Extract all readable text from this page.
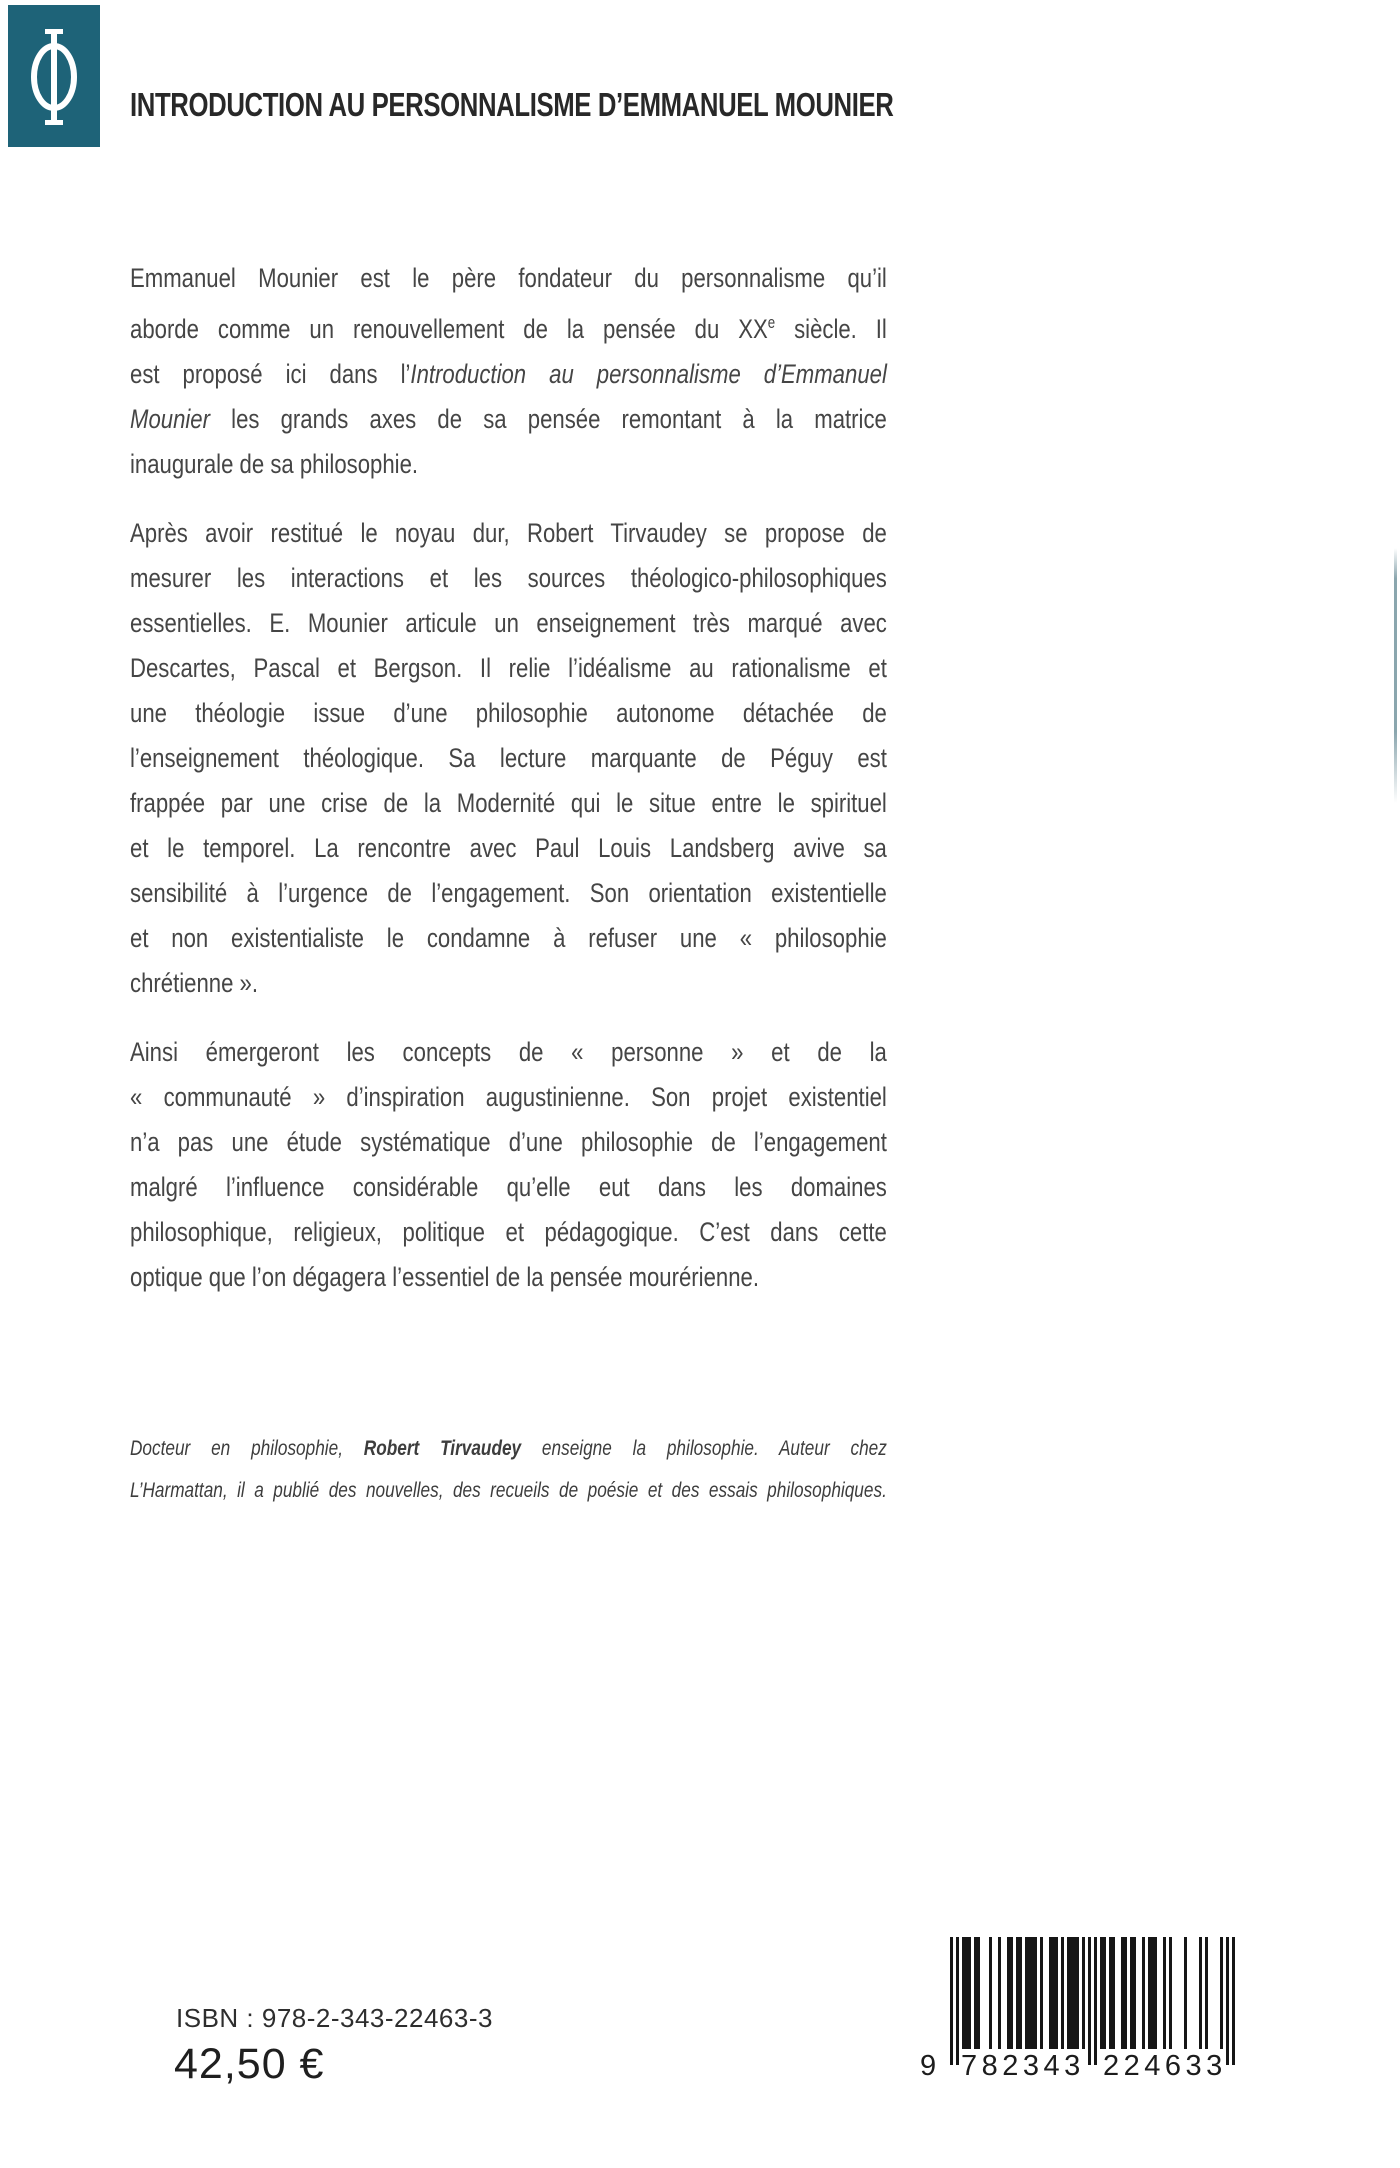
INTRODUCTION AU PERSONNALISME D’EMMANUEL MOUNIER
Emmanuel Mounier est le père fondateur du personnalisme qu’il
aborde comme un renouvellement de la pensée du XXe siècle. Il
est proposé ici dans l’Introduction au personnalisme d’Emmanuel
Mounier les grands axes de sa pensée remontant à la matrice
inaugurale de sa philosophie.
Après avoir restitué le noyau dur, Robert Tirvaudey se propose de
mesurer les interactions et les sources théologico-philosophiques
essentielles. E. Mounier articule un enseignement très marqué avec
Descartes, Pascal et Bergson. Il relie l’idéalisme au rationalisme et
une théologie issue d’une philosophie autonome détachée de
l’enseignement théologique. Sa lecture marquante de Péguy est
frappée par une crise de la Modernité qui le situe entre le spirituel
et le temporel. La rencontre avec Paul Louis Landsberg avive sa
sensibilité à l’urgence de l’engagement. Son orientation existentielle
et non existentialiste le condamne à refuser une « philosophie
chrétienne ».
Ainsi émergeront les concepts de « personne » et de la
« communauté » d’inspiration augustinienne. Son projet existentiel
n’a pas une étude systématique d’une philosophie de l’engagement
malgré l’influence considérable qu’elle eut dans les domaines
philosophique, religieux, politique et pédagogique. C’est dans cette
optique que l’on dégagera l’essentiel de la pensée mourérienne.
Docteur en philosophie, Robert Tirvaudey enseigne la philosophie. Auteur chez
L’Harmattan, il a publié des nouvelles, des recueils de poésie et des essais philosophiques.
ISBN : 978-2-343-22463-3
42,50 €	9 782343 224633
